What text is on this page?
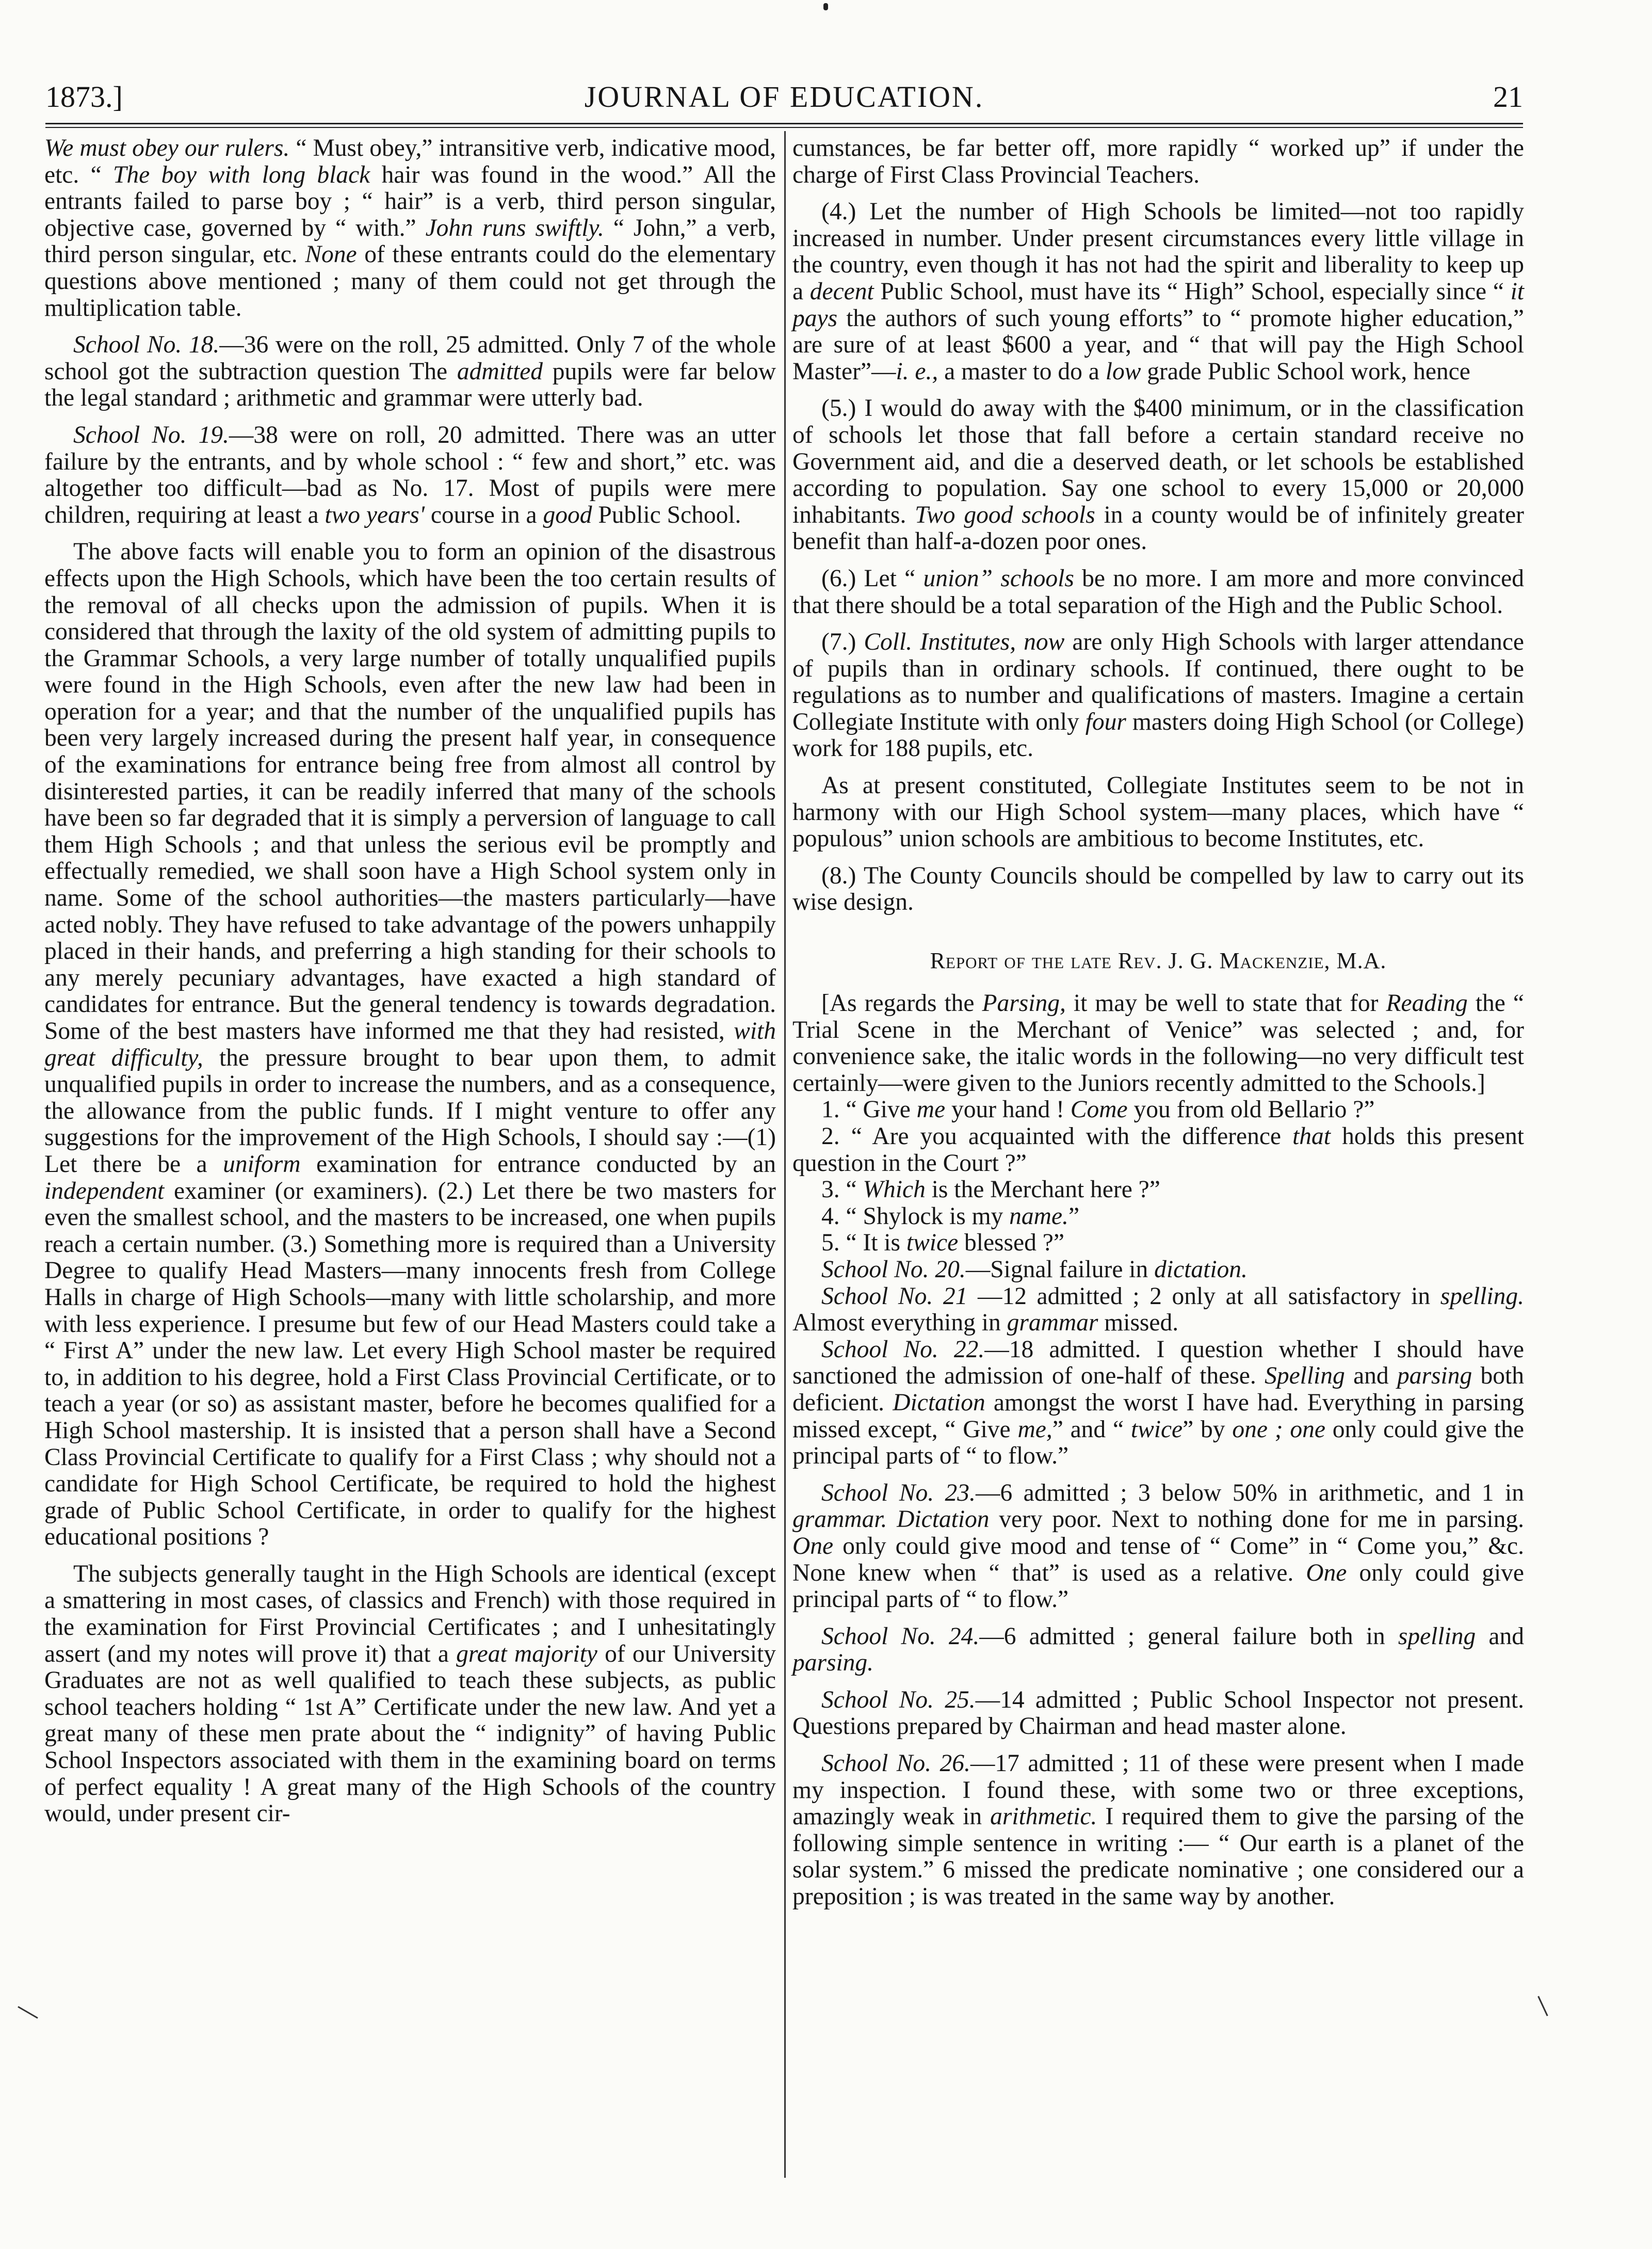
1873.]	JOURNAL OF EDUCATION.	21

We must obey our rulers. “ Must obey,” intransitive verb, indicative mood, etc. “ The boy with long black hair was found in the wood.” All the entrants failed to parse boy ; “ hair” is a verb, third person singular, objective case, governed by “ with.” John runs swiftly. “ John,” a verb, third person singular, etc. None of these entrants could do the elementary questions above mentioned ; many of them could not get through the multiplication table.

School No. 18.—36 were on the roll, 25 admitted. Only 7 of the whole school got the subtraction question The admitted pupils were far below the legal standard ; arithmetic and grammar were utterly bad.

School No. 19.—38 were on roll, 20 admitted. There was an utter failure by the entrants, and by whole school : “ few and short,” etc. was altogether too difficult—bad as No. 17. Most of pupils were mere children, requiring at least a two years' course in a good Public School.

The above facts will enable you to form an opinion of the disastrous effects upon the High Schools, which have been the too certain results of the removal of all checks upon the admission of pupils. When it is considered that through the laxity of the old system of admitting pupils to the Grammar Schools, a very large number of totally unqualified pupils were found in the High Schools, even after the new law had been in operation for a year; and that the number of the unqualified pupils has been very largely increased during the present half year, in consequence of the examinations for entrance being free from almost all control by disinterested parties, it can be readily inferred that many of the schools have been so far degraded that it is simply a perversion of language to call them High Schools ; and that unless the serious evil be promptly and effectually remedied, we shall soon have a High School system only in name. Some of the school authorities—the masters particularly—have acted nobly. They have refused to take advantage of the powers unhappily placed in their hands, and preferring a high standing for their schools to any merely pecuniary advantages, have exacted a high standard of candidates for entrance. But the general tendency is towards degradation. Some of the best masters have informed me that they had resisted, with great difficulty, the pressure brought to bear upon them, to admit unqualified pupils in order to increase the numbers, and as a consequence, the allowance from the public funds. If I might venture to offer any suggestions for the improvement of the High Schools, I should say :—(1) Let there be a uniform examination for entrance conducted by an independent examiner (or examiners). (2.) Let there be two masters for even the smallest school, and the masters to be increased, one when pupils reach a certain number. (3.) Something more is required than a University Degree to qualify Head Masters—many innocents fresh from College Halls in charge of High Schools—many with little scholarship, and more with less experience. I presume but few of our Head Masters could take a “ First A” under the new law. Let every High School master be required to, in addition to his degree, hold a First Class Provincial Certificate, or to teach a year (or so) as assistant master, before he becomes qualified for a High School mastership. It is insisted that a person shall have a Second Class Provincial Certificate to qualify for a First Class ; why should not a candidate for High School Certificate, be required to hold the highest grade of Public School Certificate, in order to qualify for the highest educational positions ?

The subjects generally taught in the High Schools are identical (except a smattering in most cases, of classics and French) with those required in the examination for First Provincial Certificates ; and I unhesitatingly assert (and my notes will prove it) that a great majority of our University Graduates are not as well qualified to teach these subjects, as public school teachers holding “ 1st A” Certificate under the new law. And yet a great many of these men prate about the “ indignity” of having Public School Inspectors associated with them in the examining board on terms of perfect equality ! A great many of the High Schools of the country would, under present cir-

cumstances, be far better off, more rapidly “ worked up” if under the charge of First Class Provincial Teachers.

(4.) Let the number of High Schools be limited—not too rapidly increased in number. Under present circumstances every little village in the country, even though it has not had the spirit and liberality to keep up a decent Public School, must have its “ High” School, especially since “ it pays the authors of such young efforts” to “ promote higher education,” are sure of at least $600 a year, and “ that will pay the High School Master”—i. e., a master to do a low grade Public School work, hence

(5.) I would do away with the $400 minimum, or in the classification of schools let those that fall before a certain standard receive no Government aid, and die a deserved death, or let schools be established according to population. Say one school to every 15,000 or 20,000 inhabitants. Two good schools in a county would be of infinitely greater benefit than half-a-dozen poor ones.

(6.) Let “ union” schools be no more. I am more and more convinced that there should be a total separation of the High and the Public School.

(7.) Coll. Institutes, now are only High Schools with larger attendance of pupils than in ordinary schools. If continued, there ought to be regulations as to number and qualifications of masters. Imagine a certain Collegiate Institute with only four masters doing High School (or College) work for 188 pupils, etc.

As at present constituted, Collegiate Institutes seem to be not in harmony with our High School system—many places, which have “ populous” union schools are ambitious to become Institutes, etc.

(8.) The County Councils should be compelled by law to carry out its wise design.

Report of the late Rev. J. G. Mackenzie, M.A.

[As regards the Parsing, it may be well to state that for Reading the “ Trial Scene in the Merchant of Venice” was selected ; and, for convenience sake, the italic words in the following—no very difficult test certainly—were given to the Juniors recently admitted to the Schools.]

1. “ Give me your hand ! Come you from old Bellario ?”

2. “ Are you acquainted with the difference that holds this present question in the Court ?”

3. “ Which is the Merchant here ?”

4. “ Shylock is my name.”

5. “ It is twice blessed ?”

School No. 20.—Signal failure in dictation.

School No. 21 —12 admitted ; 2 only at all satisfactory in spelling. Almost everything in grammar missed.

School No. 22.—18 admitted. I question whether I should have sanctioned the admission of one-half of these. Spelling and parsing both deficient. Dictation amongst the worst I have had. Everything in parsing missed except, “ Give me,” and “ twice” by one ; one only could give the principal parts of “ to flow.”

School No. 23.—6 admitted ; 3 below 50% in arithmetic, and 1 in grammar. Dictation very poor. Next to nothing done for me in parsing. One only could give mood and tense of “ Come” in “ Come you,” &c. None knew when “ that” is used as a relative. One only could give principal parts of “ to flow.”

School No. 24.—6 admitted ; general failure both in spelling and parsing.

School No. 25.—14 admitted ; Public School Inspector not present. Questions prepared by Chairman and head master alone.

School No. 26.—17 admitted ; 11 of these were present when I made my inspection. I found these, with some two or three exceptions, amazingly weak in arithmetic. I required them to give the parsing of the following simple sentence in writing :— “ Our earth is a planet of the solar system.” 6 missed the predicate nominative ; one considered our a preposition ; is was treated in the same way by another.
